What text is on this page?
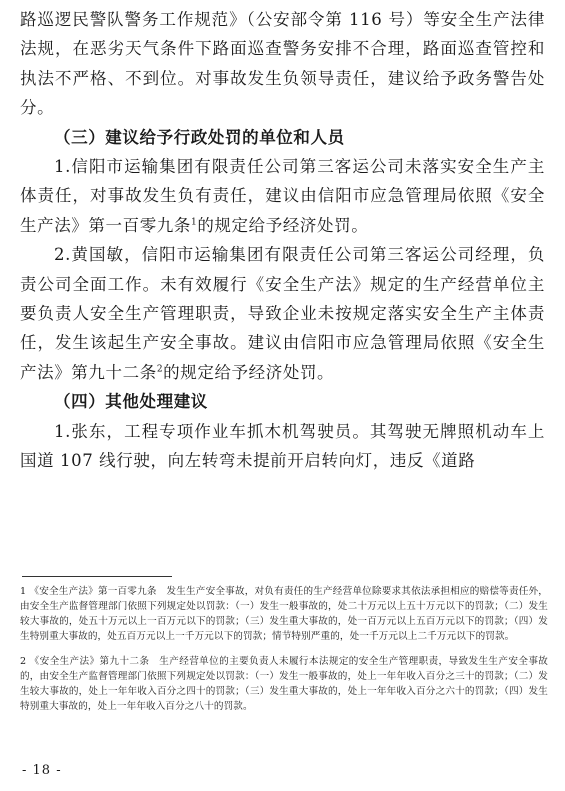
路巡逻民警队警务工作规范》（公安部令第 116 号）等安全生产法律法规，在恶劣天气条件下路面巡查警务安排不合理，路面巡查管控和执法不严格、不到位。对事故发生负领导责任，建议给予政务警告处分。

（三）建议给予行政处罚的单位和人员

1.信阳市运输集团有限责任公司第三客运公司未落实安全生产主体责任，对事故发生负有责任，建议由信阳市应急管理局依照《安全生产法》第一百零九条$^1$的规定给予经济处罚。

2.黄国敏，信阳市运输集团有限责任公司第三客运公司经理，负责公司全面工作。未有效履行《安全生产法》规定的生产经营单位主要负责人安全生产管理职责，导致企业未按规定落实安全生产主体责任，发生该起生产安全事故。建议由信阳市应急管理局依照《安全生产法》第九十二条$^2$的规定给予经济处罚。

（四）其他处理建议

1.张东，工程专项作业车抓木机驾驶员。其驾驶无牌照机动车上国道 107 线行驶，向左转弯未提前开启转向灯，违反《道路

1 《安全生产法》第一百零九条　发生生产安全事故，对负有责任的生产经营单位除要求其依法承担相应的赔偿等责任外，由安全生产监督管理部门依照下列规定处以罚款：（一）发生一般事故的，处二十万元以上五十万元以下的罚款；（二）发生较大事故的，处五十万元以上一百万元以下的罚款；（三）发生重大事故的，处一百万元以上五百万元以下的罚款；（四）发生特别重大事故的，处五百万元以上一千万元以下的罚款；情节特别严重的，处一千万元以上二千万元以下的罚款。

2 《安全生产法》第九十二条　生产经营单位的主要负责人未履行本法规定的安全生产管理职责，导致发生生产安全事故的，由安全生产监督管理部门依照下列规定处以罚款：（一）发生一般事故的，处上一年年收入百分之三十的罚款；（二）发生较大事故的，处上一年年收入百分之四十的罚款；（三）发生重大事故的，处上一年年收入百分之六十的罚款；（四）发生特别重大事故的，处上一年年收入百分之八十的罚款。

- 18 -
